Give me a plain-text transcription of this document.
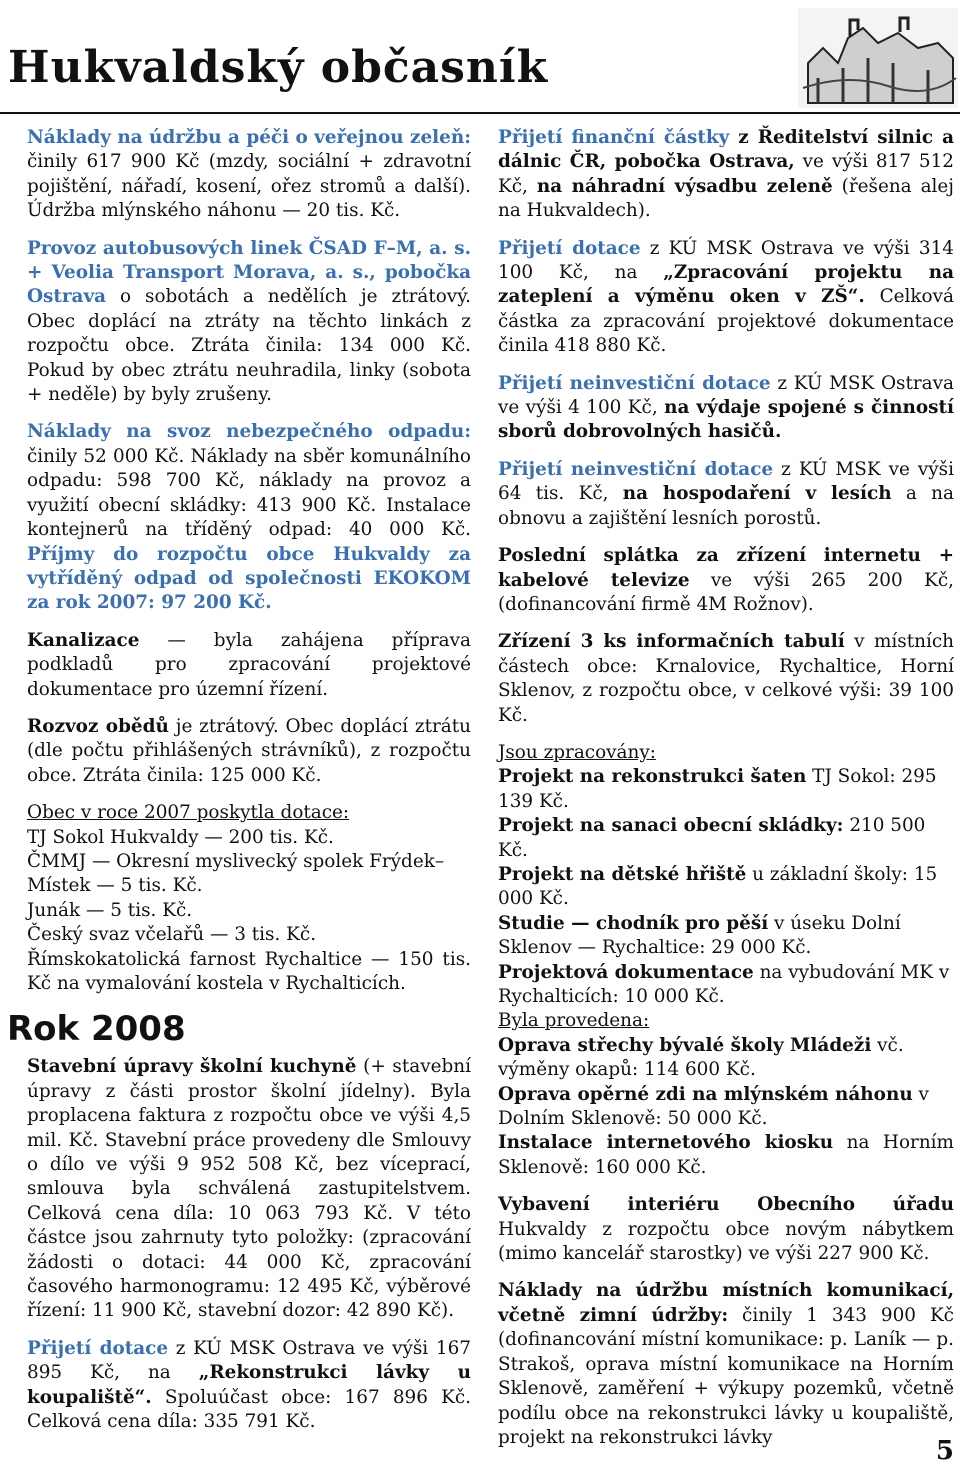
Hukvaldský občasník

Náklady na údržbu a péči o veřejnou zeleň: činily 617 900 Kč (mzdy, sociální + zdravotní pojištění, nářadí, kosení, ořez stromů a další). Údržba mlýnského náhonu — 20 tis. Kč.

Provoz autobusových linek ČSAD F–M, a. s. + Veolia Transport Morava, a. s., pobočka Ostrava o sobotách a nedělích je ztrátový. Obec doplácí na ztráty na těchto linkách z rozpočtu obce. Ztráta činila: 134 000 Kč. Pokud by obec ztrátu neuhradila, linky (sobota + neděle) by byly zrušeny.

Náklady na svoz nebezpečného odpadu: činily 52 000 Kč. Náklady na sběr komunálního odpadu: 598 700 Kč, náklady na provoz a využití obecní skládky: 413 900 Kč. Instalace kontejnerů na tříděný odpad: 40 000 Kč. Příjmy do rozpočtu obce Hukvaldy za vytříděný odpad od společnosti EKOKOM za rok 2007: 97 200 Kč.

Kanalizace — byla zahájena příprava podkladů pro zpracování projektové dokumentace pro územní řízení.

Rozvoz obědů je ztrátový. Obec doplácí ztrátu (dle počtu přihlášených strávníků), z rozpočtu obce. Ztráta činila: 125 000 Kč.

Obec v roce 2007 poskytla dotace:
TJ Sokol Hukvaldy — 200 tis. Kč.
ČMMJ — Okresní myslivecký spolek Frýdek–Místek — 5 tis. Kč.
Junák — 5 tis. Kč.
Český svaz včelařů — 3 tis. Kč.

Římskokatolická farnost Rychaltice — 150 tis. Kč na vymalování kostela v Rychalticích.

Rok 2008

Stavební úpravy školní kuchyně (+ stavební úpravy z části prostor školní jídelny). Byla proplacena faktura z rozpočtu obce ve výši 4,5 mil. Kč. Stavební práce provedeny dle Smlouvy o dílo ve výši 9 952 508 Kč, bez víceprací, smlouva byla schválená zastupitelstvem. Celková cena díla: 10 063 793 Kč. V této částce jsou zahrnuty tyto položky: (zpracování žádosti o dotaci: 44 000 Kč, zpracování časového harmonogramu: 12 495 Kč, výběrové řízení: 11 900 Kč, stavební dozor: 42 890 Kč).

Přijetí dotace z KÚ MSK Ostrava ve výši 167 895 Kč, na „Rekonstrukci lávky u koupaliště“. Spoluúčast obce: 167 896 Kč. Celková cena díla: 335 791 Kč.

Přijetí finanční částky z Ředitelství silnic a dálnic ČR, pobočka Ostrava, ve výši 817 512 Kč, na náhradní výsadbu zeleně (řešena alej na Hukvaldech).

Přijetí dotace z KÚ MSK Ostrava ve výši 314 100 Kč, na „Zpracování projektu na zateplení a výměnu oken v ZŠ“. Celková částka za zpracování projektové dokumentace činila 418 880 Kč.

Přijetí neinvestiční dotace z KÚ MSK Ostrava ve výši 4 100 Kč, na výdaje spojené s činností sborů dobrovolných hasičů.

Přijetí neinvestiční dotace z KÚ MSK ve výši 64 tis. Kč, na hospodaření v lesích a na obnovu a zajištění lesních porostů.

Poslední splátka za zřízení internetu + kabelové televize ve výši 265 200 Kč, (dofinancování firmě 4M Rožnov).

Zřízení 3 ks informačních tabulí v místních částech obce: Krnalovice, Rychaltice, Horní Sklenov, z rozpočtu obce, v celkové výši: 39 100 Kč.

Jsou zpracovány:
Projekt na rekonstrukci šaten TJ Sokol: 295 139 Kč.
Projekt na sanaci obecní skládky: 210 500 Kč.
Projekt na dětské hřiště u základní školy: 15 000 Kč.
Studie — chodník pro pěší v úseku Dolní Sklenov — Rychaltice: 29 000 Kč.
Projektová dokumentace na vybudování MK v Rychalticích: 10 000 Kč.
Byla provedena:
Oprava střechy bývalé školy Mládeži vč. výměny okapů: 114 600 Kč.
Oprava opěrné zdi na mlýnském náhonu v Dolním Sklenově: 50 000 Kč.

Instalace internetového kiosku na Horním Sklenově: 160 000 Kč.

Vybavení interiéru Obecního úřadu Hukvaldy z rozpočtu obce novým nábytkem (mimo kancelář starostky) ve výši 227 900 Kč.

Náklady na údržbu místních komunikací, včetně zimní údržby: činily 1 343 900 Kč (dofinancování místní komunikace: p. Laník — p. Strakoš, oprava místní komunikace na Horním Sklenově, zaměření + výkupy pozemků, včetně podílu obce na rekonstrukci lávky u koupaliště, projekt na rekonstrukci lávky	5
